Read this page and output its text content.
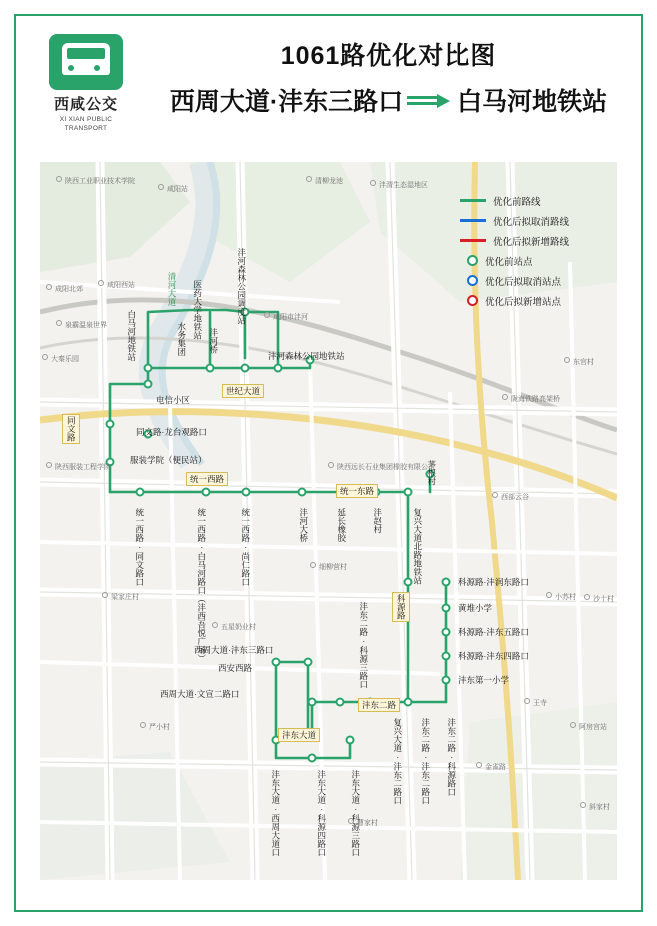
西咸公交
XI XIAN PUBLIC
TRANSPORT
1061路优化对比图
西周大道·沣东三路口 白马河地铁站
优化前路线
优化后拟取消路线
优化后拟新增路线
优化前站点
优化后拟取消站点
优化后拟新增站点
世纪大道
同文路
统一西路
统一东路
科源路
沣东二路
沣东大道
白马河地铁站	水务集团	沣河桥
沣河森林公园调度站
医药大学地铁站
沣河森林公园地铁站
电信小区
同文路·龙台观路口
服装学院（便民站）
统一西路·同文路口	统一西路·白马河路口（沣西吾悦广场）	统一西路·尚仁路口	沣河大桥	延长橡胶	沣赵村	复兴大道北路地铁站
茅根村
科源路·沣润东路口
黄堆小学
科源路·沣东五路口
科源路·沣东四路口
沣东第一小学
西周大道·沣东三路口
西安西路
西周大道·文宣二路口
沣东二路·科源三路口
复兴大道·沣东二路口 沣东二路·沣东二路口 沣东二路·科源路口
沣东大道·西周大道口	沣东大道·科源四路口	沣东大道·科源三路口
陕西工业职业技术学院
咸阳站
清柳龙池
沣渭生态湿地区
成阳北郊
咸阳西站	清河大道
咸阳市沣河
泉霸温泉世界
大秦乐园
陕西服装工程学院	陕西远长石业集团橡胶有限公司
细柳营村
梁家庄村
五星奶业村
严小村
东官村
陇海铁路高架桥
西部云谷
小苏村	沙十村
王寺
阿房宫站
斜家村
曹家村
金雀路
